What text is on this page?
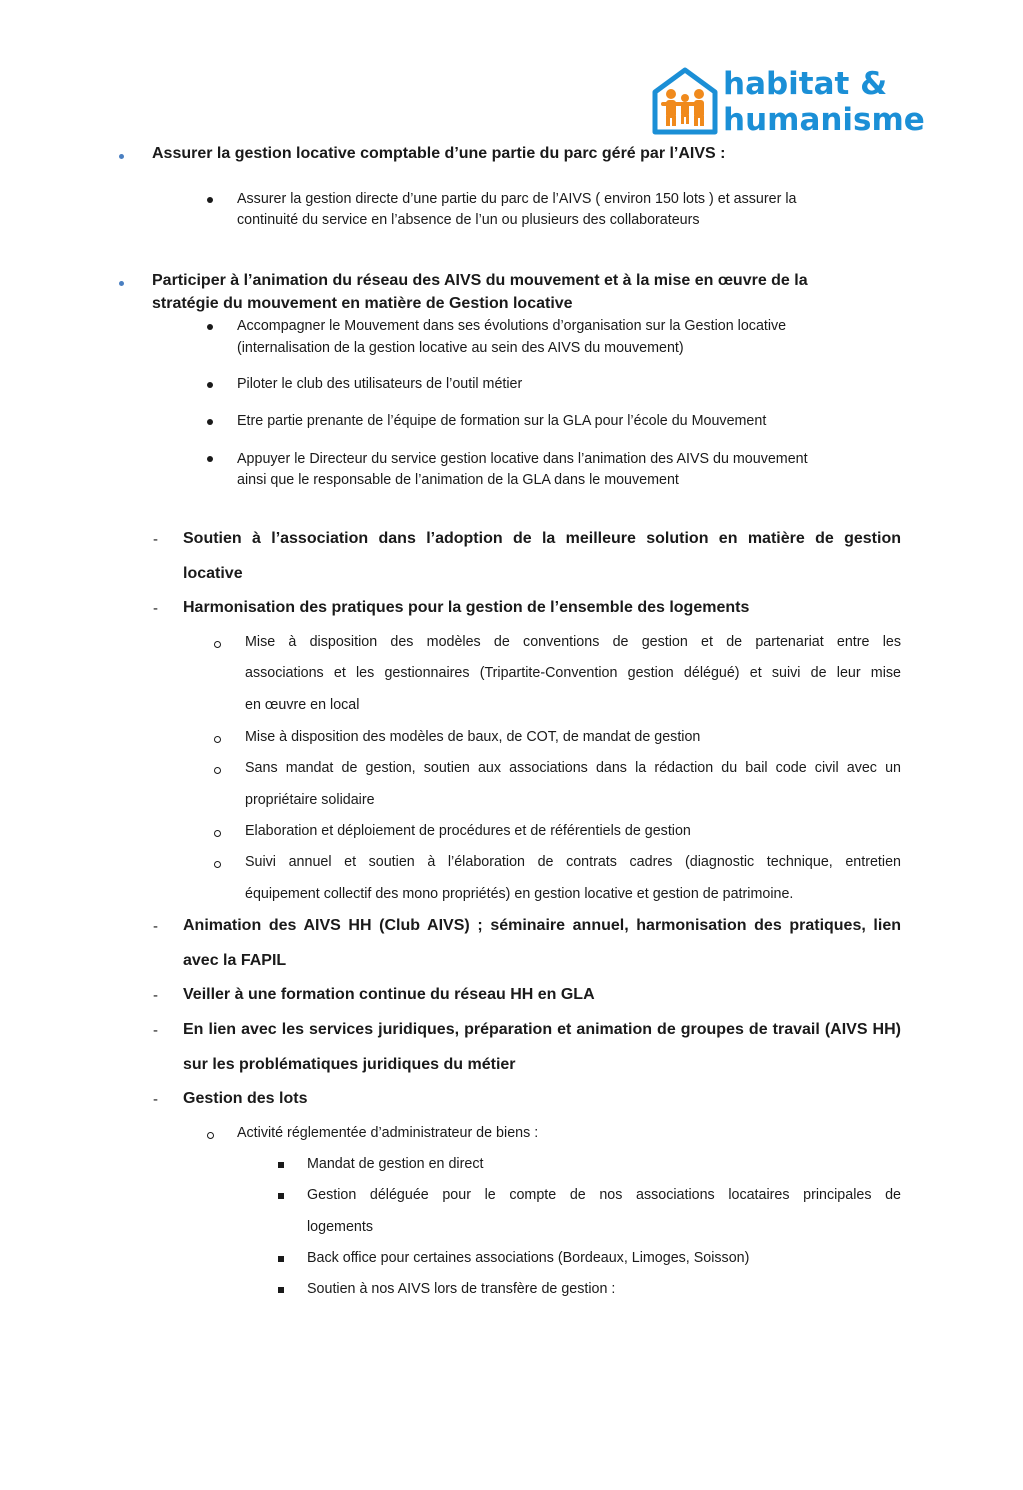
habitat &
humanisme
Assurer la gestion locative comptable d’une partie du parc géré par l’AIVS :
Assurer la gestion directe d’une partie du parc de l’AIVS ( environ 150 lots ) et assurer la
continuité du service en l’absence de l’un ou plusieurs des collaborateurs
Participer à l’animation du réseau des AIVS du mouvement et à la mise en œuvre de la
stratégie du mouvement en matière de Gestion locative
Accompagner le Mouvement dans ses évolutions d’organisation sur la Gestion locative
(internalisation de la gestion locative au sein des AIVS du mouvement)
Piloter le club des utilisateurs de l’outil métier
Etre partie prenante de l’équipe de formation sur la GLA pour l’école du Mouvement
Appuyer le Directeur du service gestion locative dans l’animation des AIVS du mouvement
ainsi que le responsable de l’animation de la GLA dans le mouvement
- Soutien à l’association dans l’adoption de la meilleure solution en matière de gestion
locative
- Harmonisation des pratiques pour la gestion de l’ensemble des logements
Mise à disposition des modèles de conventions de gestion et de partenariat entre les
associations et les gestionnaires (Tripartite-Convention gestion délégué) et suivi de leur mise
en œuvre en local
Mise à disposition des modèles de baux, de COT, de mandat de gestion
Sans mandat de gestion, soutien aux associations dans la rédaction du bail code civil avec un
propriétaire solidaire
Elaboration et déploiement de procédures et de référentiels de gestion
Suivi annuel et soutien à l’élaboration de contrats cadres (diagnostic technique, entretien
équipement collectif des mono propriétés) en gestion locative et gestion de patrimoine.
- Animation des AIVS HH (Club AIVS) ; séminaire annuel, harmonisation des pratiques, lien
avec la FAPIL
- Veiller à une formation continue du réseau HH en GLA
- En lien avec les services juridiques, préparation et animation de groupes de travail (AIVS HH)
sur les problématiques juridiques du métier
- Gestion des lots
Activité réglementée d’administrateur de biens :
Mandat de gestion en direct
Gestion déléguée pour le compte de nos associations locataires principales de
logements
Back office pour certaines associations (Bordeaux, Limoges, Soisson)
Soutien à nos AIVS lors de transfère de gestion :
